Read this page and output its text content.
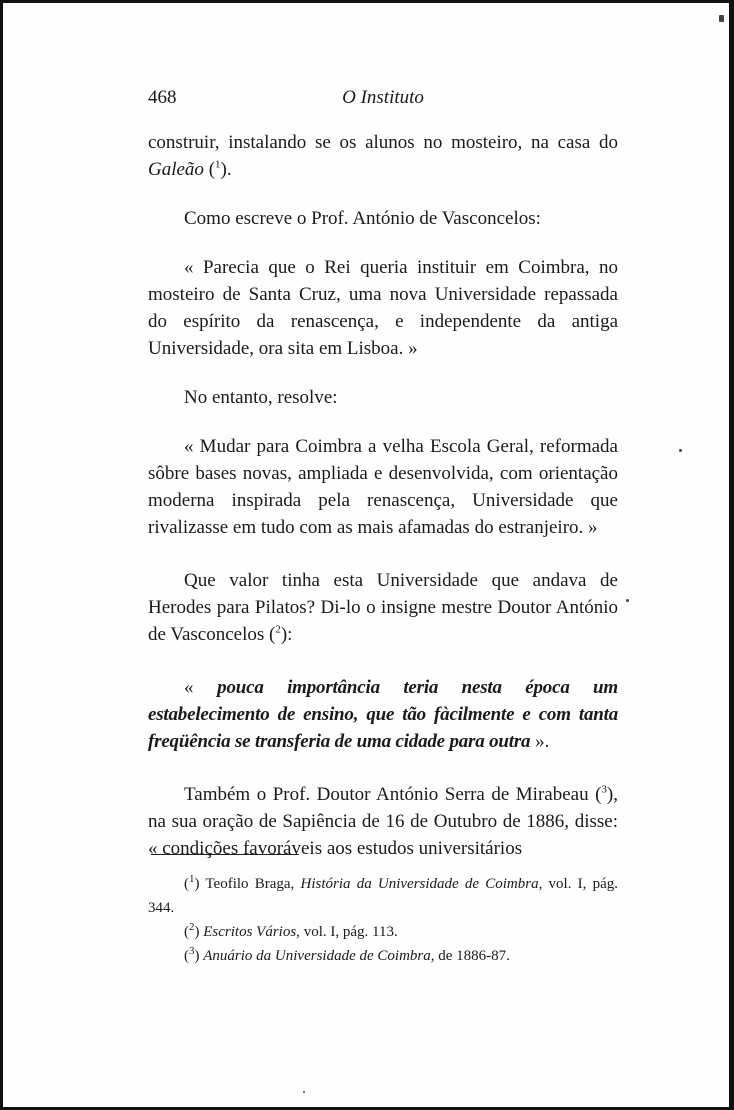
468	O Instituto

construir, instalando se os alunos no mosteiro, na casa do Galeão ($^1$).

Como escreve o Prof. António de Vasconcelos:

« Parecia que o Rei queria instituir em Coimbra, no mosteiro de Santa Cruz, uma nova Universidade repassada do espírito da renascença, e independente da antiga Universidade, ora sita em Lisboa. »

No entanto, resolve:

« Mudar para Coimbra a velha Escola Geral, reformada sôbre bases novas, ampliada e desenvolvida, com orientação moderna inspirada pela renascença, Universidade que rivalizasse em tudo com as mais afamadas do estranjeiro. »

Que valor tinha esta Universidade que andava de Herodes para Pilatos? Di-lo o insigne mestre Doutor António de Vasconcelos ($^2$):

« pouca importância teria nesta época um estabelecimento de ensino, que tão fàcilmente e com tanta freqüência se transferia de uma cidade para outra ».

Também o Prof. Doutor António Serra de Mirabeau ($^3$), na sua oração de Sapiência de 16 de Outubro de 1886, disse: « condições favoráveis aos estudos universitários

($^1$) Teofilo Braga, História da Universidade de Coimbra, vol. I, pág. 344.

($^2$) Escritos Vários, vol. I, pág. 113.

($^3$) Anuário da Universidade de Coimbra, de 1886-87.
